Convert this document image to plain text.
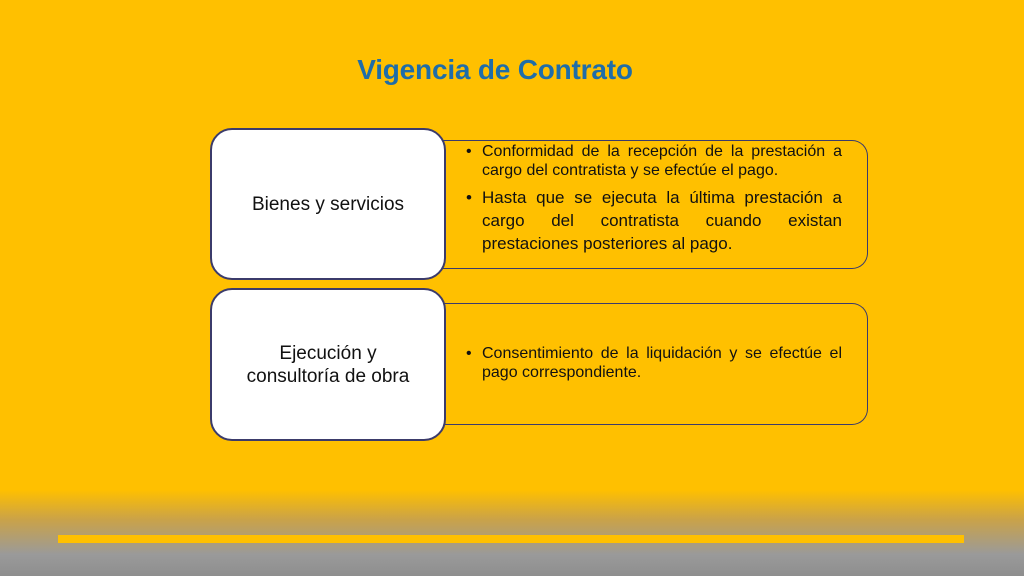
Vigencia de Contrato
Bienes y servicios
• Conformidad de la recepción de la prestación a cargo del contratista y se efectúe el pago.
• Hasta que se ejecuta la última prestación a cargo del contratista cuando existan prestaciones posteriores al pago.
Ejecución y
consultoría de obra
• Consentimiento de la liquidación y se efectúe el pago correspondiente.
